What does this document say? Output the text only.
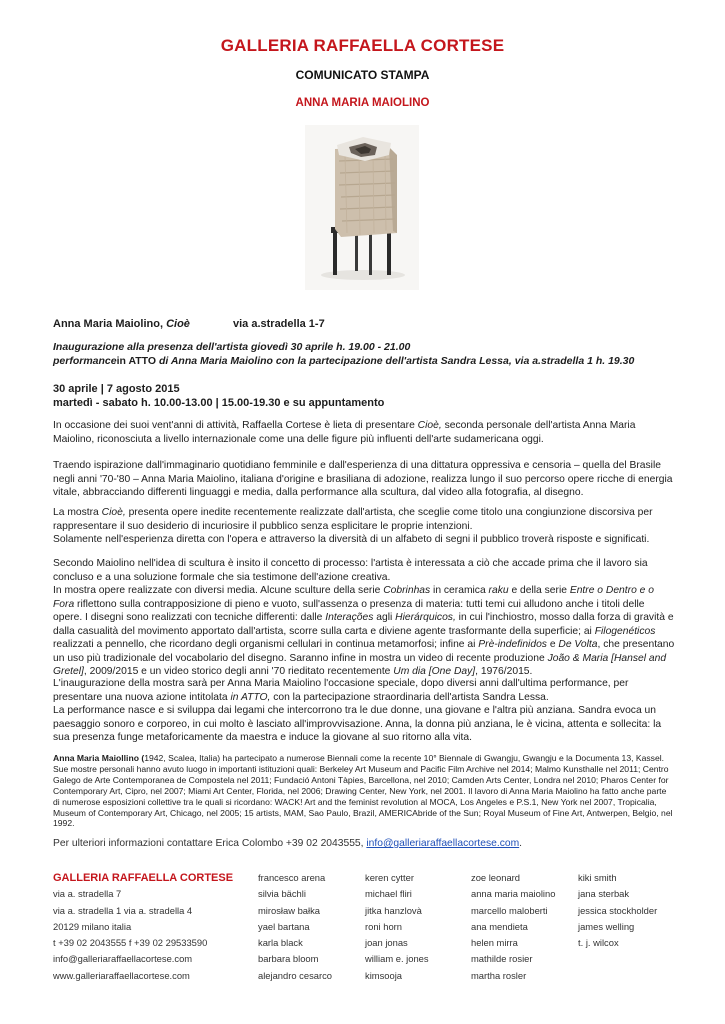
GALLERIA RAFFAELLA CORTESE
COMUNICATO STAMPA
ANNA MARIA MAIOLINO
Anna Maria Maiolino, Cioè	via a.stradella 1-7

Inaugurazione alla presenza dell'artista giovedì 30 aprile h. 19.00 - 21.00

performancein ATTO di Anna Maria Maiolino con la partecipazione dell'artista Sandra Lessa, via a.stradella 1 h. 19.30

30 aprile | 7 agosto 2015

martedì - sabato h. 10.00-13.00 | 15.00-19.30 e su appuntamento

In occasione dei suoi vent'anni di attività, Raffaella Cortese è lieta di presentare Cioè, seconda personale dell'artista Anna Maria Maiolino, riconosciuta a livello internazionale come una delle figure più influenti dell'arte sudamericana oggi.

Traendo ispirazione dall'immaginario quotidiano femminile e dall'esperienza di una dittatura oppressiva e censoria – quella del Brasile negli anni '70-'80 – Anna Maria Maiolino, italiana d'origine e brasiliana di adozione, realizza lungo il suo percorso opere ricche di energia vitale, abbracciando differenti linguaggi e media, dalla performance alla scultura, dal video alla fotografia, al disegno.

La mostra Cioè, presenta opere inedite recentemente realizzate dall'artista, che sceglie come titolo una congiunzione discorsiva per rappresentare il suo desiderio di incuriosire il pubblico senza esplicitare le proprie intenzioni.

Solamente nell'esperienza diretta con l'opera e attraverso la diversità di un alfabeto di segni il pubblico troverà risposte e significati.

Secondo Maiolino nell'idea di scultura è insito il concetto di processo: l'artista è interessata a ciò che accade prima che il lavoro sia concluso e a una soluzione formale che sia testimone dell'azione creativa.

In mostra opere realizzate con diversi media. Alcune sculture della serie Cobrinhas in ceramica raku e della serie Entre o Dentro e o Fora riflettono sulla contrapposizione di pieno e vuoto, sull'assenza o presenza di materia: tutti temi cui alludono anche i titoli delle opere. I disegni sono realizzati con tecniche differenti: dalle Interações agli Hierárquicos, in cui l'inchiostro, mosso dalla forza di gravità e dalla casualità del movimento apportato dall'artista, scorre sulla carta e diviene agente trasformante della superficie; ai Filogenéticos realizzati a pennello, che ricordano degli organismi cellulari in continua metamorfosi; infine ai Prè-indefinidos e De Volta, che presentano un uso più tradizionale del vocabolario del disegno. Saranno infine in mostra un video di recente produzione João & Maria [Hansel and Gretel], 2009/2015 e un video storico degli anni '70 rieditato recentemente Um dia [One Day], 1976/2015.

L'inaugurazione della mostra sarà per Anna Maria Maiolino l'occasione speciale, dopo diversi anni dall'ultima performance, per presentare una nuova azione intitolata in ATTO, con la partecipazione straordinaria dell'artista Sandra Lessa.

La performance nasce e si sviluppa dai legami che intercorrono tra le due donne, una giovane e l'altra più anziana. Sandra evoca un paesaggio sonoro e corporeo, in cui molto è lasciato all'improvvisazione. Anna, la donna più anziana, le è vicina, attenta e sollecita: la sua presenza funge metaforicamente da maestra e induce la giovane al suo ritorno alla vita.

Anna Maria Maiollino (1942, Scalea, Italia) ha partecipato a numerose Biennali come la recente 10° Biennale di Gwangju, Gwangju e la Documenta 13, Kassel. Sue mostre personali hanno avuto luogo in importanti istituzioni quali: Berkeley Art Museum and Pacific Film Archive nel 2014; Malmo Kunsthalle nel 2011; Centro Galego de Arte Contemporanea de Compostela nel 2011; Fundació Antoni Tàpies, Barcellona, nel 2010; Camden Arts Center, Londra nel 2010; Pharos Center for Contemporary Art, Cipro, nel 2007; Miami Art Center, Florida, nel 2006; Drawing Center, New York, nel 2001. Il lavoro di Anna Maria Maiolino ha fatto anche parte di numerose esposizioni collettive tra le quali si ricordano: WACK! Art and the feminist revolution al MOCA, Los Angeles e P.S.1, New York nel 2007, Tropicalia, Museum of Contemporary Art, Chicago, nel 2005; 15 artists, MAM, Sao Paulo, Brazil, AMERICAbride of the Sun; Royal Museum of Fine Art, Antwerpen, Belgio, nel 1992.

Per ulteriori informazioni contattare Erica Colombo +39 02 2043555, info@galleriaraffaellacortese.com.
GALLERIA RAFFAELLA CORTESE
via a. stradella 7
via a. stradella 1 via a. stradella 4
20129 milano italia
t +39 02 2043555 f +39 02 29533590
info@galleriaraffaellacortese.com
www.galleriaraffaellacortese.com
francesco arena
silvia bächli
mirosław bałka
yael bartana
karla black
barbara bloom
alejandro cesarco
keren cytter
michael fliri
jitka hanzlovà
roni horn
joan jonas
william e. jones
kimsooja
zoe leonard
anna maria maiolino
marcello maloberti
ana mendieta
helen mirra
mathilde rosier
martha rosler
kiki smith
jana sterbak
jessica stockholder
james welling
t. j. wilcox
